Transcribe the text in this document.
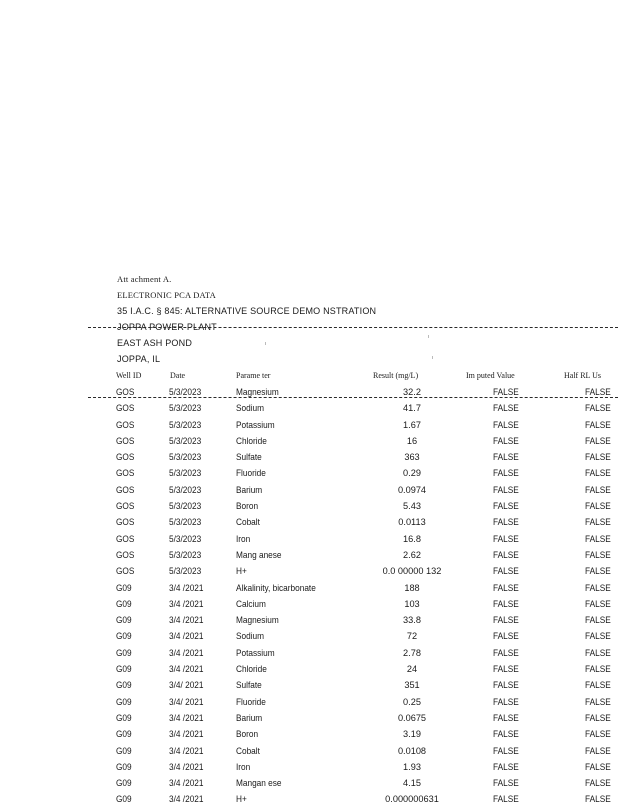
Att achment A.
ELECTRONIC PCA DATA
35 I.A.C. § 845: ALTERNATIVE SOURCE DEMO NSTRATION
JOPPA POWER PLANT
EAST ASH POND
JOPPA, IL
Well ID	Date	Parame ter	Result (mg/L)	Im puted Value	Half RL Us
GOS	5/3/2023	Magnesium	32.2	FALSE	FALSE
GOS	5/3/2023	Sodium	41.7	FALSE	FALSE
GOS	5/3/2023	Potassium	1.67	FALSE	FALSE
GOS	5/3/2023	Chloride	16	FALSE	FALSE
GOS	5/3/2023	Sulfate	363	FALSE	FALSE
GOS	5/3/2023	Fluoride	0.29	FALSE	FALSE
GOS	5/3/2023	Barium	0.0974	FALSE	FALSE
GOS	5/3/2023	Boron	5.43	FALSE	FALSE
GOS	5/3/2023	Cobalt	0.0113	FALSE	FALSE
GOS	5/3/2023	Iron	16.8	FALSE	FALSE
GOS	5/3/2023	Mang anese	2.62	FALSE	FALSE
GOS	5/3/2023	H+	0.0 00000 132	FALSE	FALSE
G09	3/4 /2021	Alkalinity, bicarbonate	188	FALSE	FALSE
G09	3/4 /2021	Calcium	103	FALSE	FALSE
G09	3/4 /2021	Magnesium	33.8	FALSE	FALSE
G09	3/4 /2021	Sodium	72	FALSE	FALSE
G09	3/4 /2021	Potassium	2.78	FALSE	FALSE
G09	3/4 /2021	Chloride	24	FALSE	FALSE
G09	3/4/ 2021	Sulfate	351	FALSE	FALSE
G09	3/4/ 2021	Fluoride	0.25	FALSE	FALSE
G09	3/4 /2021	Barium	0.0675	FALSE	FALSE
G09	3/4 /2021	Boron	3.19	FALSE	FALSE
G09	3/4 /2021	Cobalt	0.0108	FALSE	FALSE
G09	3/4 /2021	Iron	1.93	FALSE	FALSE
G09	3/4 /2021	Mangan ese	4.15	FALSE	FALSE
G09	3/4 /2021	H+	0.000000631	FALSE	FALSE
